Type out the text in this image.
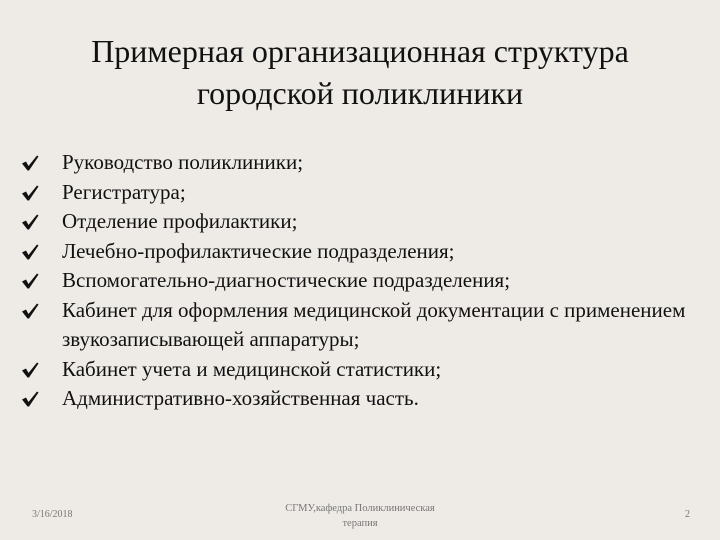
Примерная организационная структура
городской поликлиники
Руководство поликлиники;
Регистратура;
Отделение профилактики;
Лечебно-профилактические подразделения;
Вспомогательно-диагностические подразделения;
Кабинет для оформления медицинской документации с применением звукозаписывающей аппаратуры;
Кабинет учета и медицинской статистики;
Административно-хозяйственная часть.
3/16/2018
СГМУ,кафедра Поликлиническая
терапия
2
